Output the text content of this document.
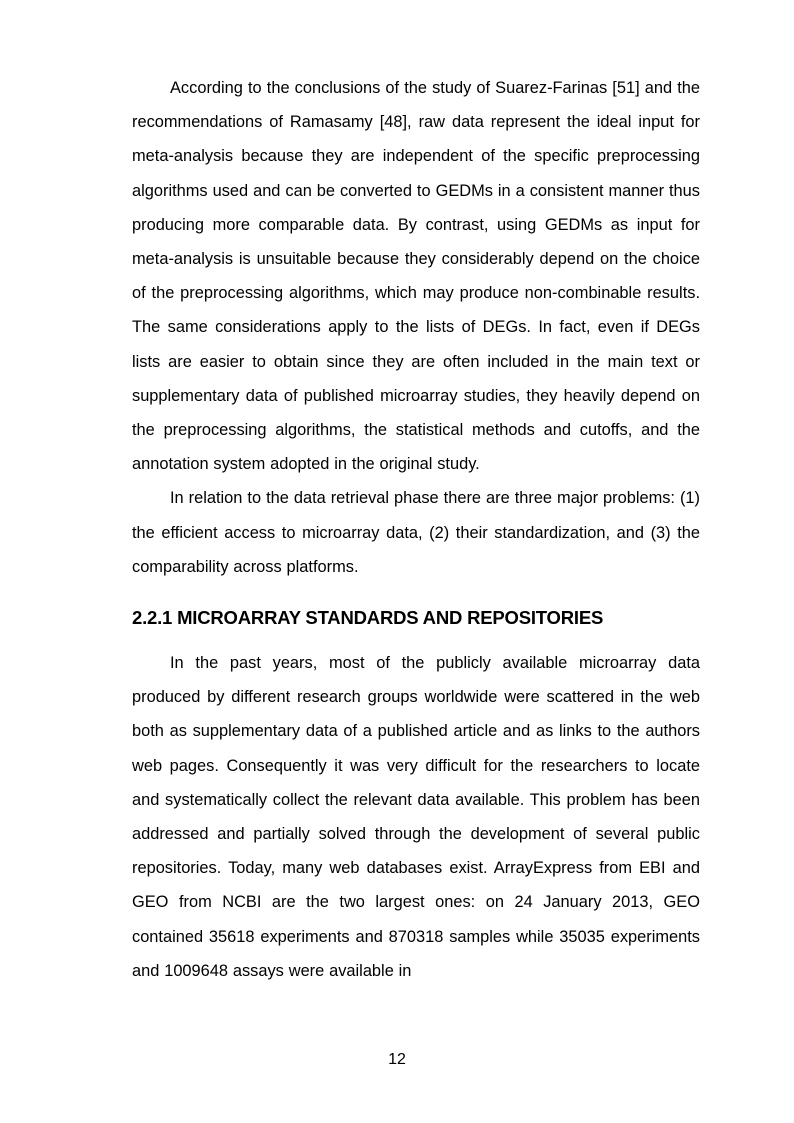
According to the conclusions of the study of Suarez-Farinas [51] and the recommendations of Ramasamy [48], raw data represent the ideal input for meta-analysis because they are independent of the specific preprocessing algorithms used and can be converted to GEDMs in a consistent manner thus producing more comparable data. By contrast, using GEDMs as input for meta-analysis is unsuitable because they considerably depend on the choice of the preprocessing algorithms, which may produce non-combinable results. The same considerations apply to the lists of DEGs. In fact, even if DEGs lists are easier to obtain since they are often included in the main text or supplementary data of published microarray studies, they heavily depend on the preprocessing algorithms, the statistical methods and cutoffs, and the annotation system adopted in the original study.

In relation to the data retrieval phase there are three major problems: (1) the efficient access to microarray data, (2) their standardization, and (3) the comparability across platforms.

2.2.1 MICROARRAY STANDARDS AND REPOSITORIES

In the past years, most of the publicly available microarray data produced by different research groups worldwide were scattered in the web both as supplementary data of a published article and as links to the authors web pages. Consequently it was very difficult for the researchers to locate and systematically collect the relevant data available. This problem has been addressed and partially solved through the development of several public repositories. Today, many web databases exist. ArrayExpress from EBI and GEO from NCBI are the two largest ones: on 24 January 2013, GEO contained 35618 experiments and 870318 samples while 35035 experiments and 1009648 assays were available in

12
